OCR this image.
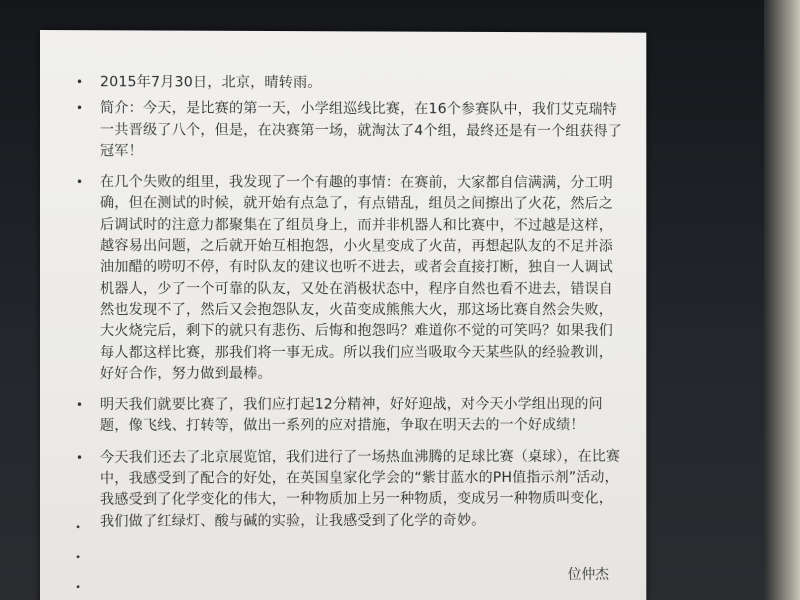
• 2015年7月30日，北京，晴转雨。
• 简介：今天，是比赛的第一天，小学组巡线比赛，在16个参赛队中，我们艾克瑞特一共晋级了八个，但是，在决赛第一场，就淘汰了4个组，最终还是有一个组获得了冠军！
• 在几个失败的组里，我发现了一个有趣的事情：在赛前，大家都自信满满，分工明确，但在测试的时候，就开始有点急了，有点错乱，组员之间擦出了火花，然后之后调试时的注意力都聚集在了组员身上，而并非机器人和比赛中，不过越是这样，越容易出问题，之后就开始互相抱怨，小火星变成了火苗，再想起队友的不足并添油加醋的唠叨不停，有时队友的建议也听不进去，或者会直接打断，独自一人调试机器人，少了一个可靠的队友，又处在消极状态中，程序自然也看不进去，错误自然也发现不了，然后又会抱怨队友，火苗变成熊熊大火，那这场比赛自然会失败，大火烧完后，剩下的就只有悲伤、后悔和抱怨吗？难道你不觉的可笑吗？如果我们每人都这样比赛，那我们将一事无成。所以我们应当吸取今天某些队的经验教训，好好合作，努力做到最棒。
• 明天我们就要比赛了，我们应打起12分精神，好好迎战，对今天小学组出现的问题，像飞线、打转等，做出一系列的应对措施，争取在明天去的一个好成绩！
• 今天我们还去了北京展览馆，我们进行了一场热血沸腾的足球比赛（桌球），在比赛中，我感受到了配合的好处，在英国皇家化学会的“紫甘蓝水的PH值指示剂”活动，我感受到了化学变化的伟大，一种物质加上另一种物质，变成另一种物质叫变化，我们做了红绿灯、酸与碱的实验，让我感受到了化学的奇妙。
•
•
•
位仲杰
